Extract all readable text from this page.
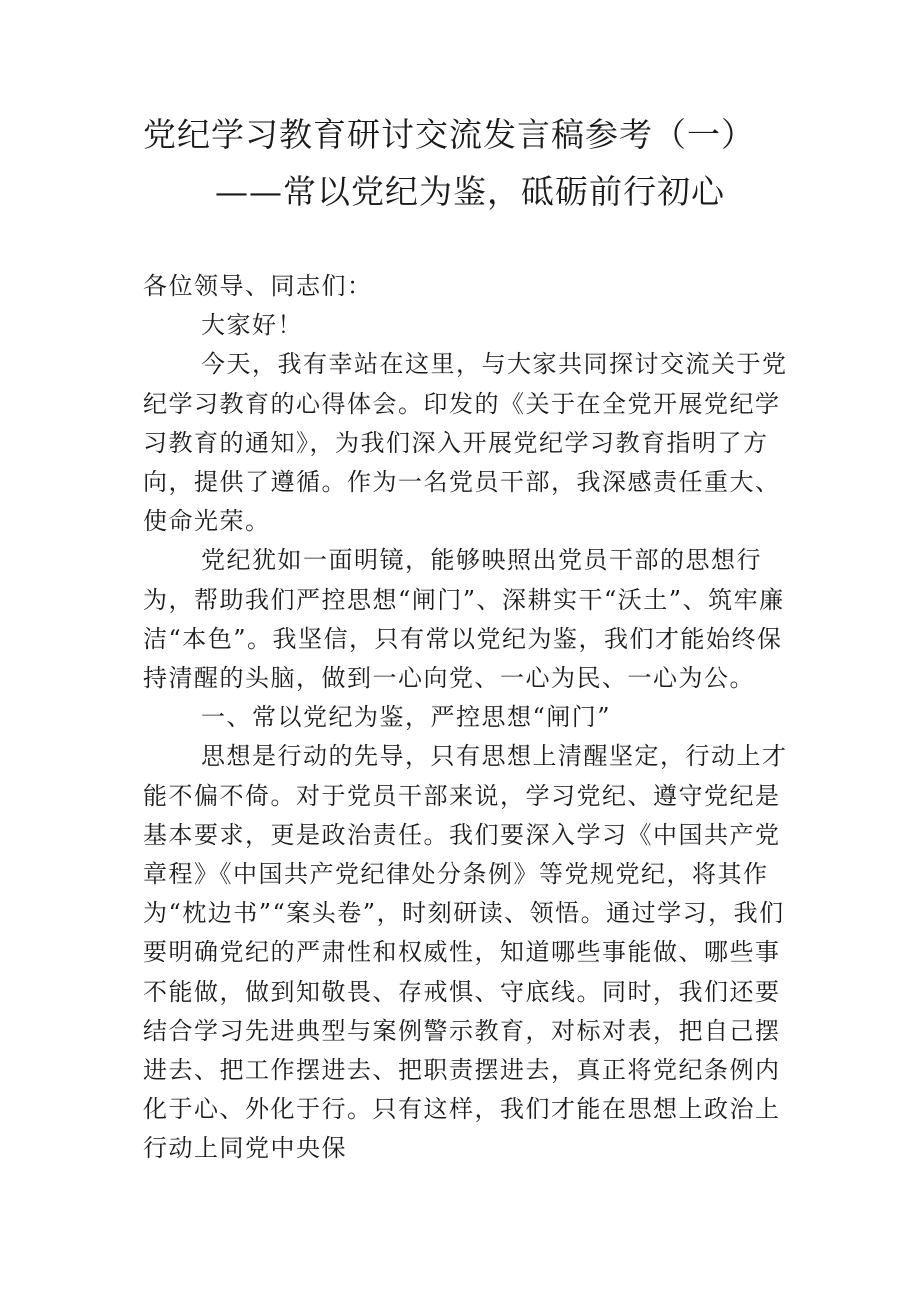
党纪学习教育研讨交流发言稿参考（一）
——常以党纪为鉴，砥砺前行初心

各位领导、同志们：

大家好！

今天，我有幸站在这里，与大家共同探讨交流关于党纪学习教育的心得体会。印发的《关于在全党开展党纪学习教育的通知》，为我们深入开展党纪学习教育指明了方向，提供了遵循。作为一名党员干部，我深感责任重大、使命光荣。

党纪犹如一面明镜，能够映照出党员干部的思想行为，帮助我们严控思想“闸门”、深耕实干“沃土”、筑牢廉洁“本色”。我坚信，只有常以党纪为鉴，我们才能始终保持清醒的头脑，做到一心向党、一心为民、一心为公。

一、常以党纪为鉴，严控思想“闸门”

思想是行动的先导，只有思想上清醒坚定，行动上才能不偏不倚。对于党员干部来说，学习党纪、遵守党纪是基本要求，更是政治责任。我们要深入学习《中国共产党章程》《中国共产党纪律处分条例》等党规党纪，将其作为“枕边书”“案头卷”，时刻研读、领悟。通过学习，我们要明确党纪的严肃性和权威性，知道哪些事能做、哪些事不能做，做到知敬畏、存戒惧、守底线。同时，我们还要结合学习先进典型与案例警示教育，对标对表，把自己摆进去、把工作摆进去、把职责摆进去，真正将党纪条例内化于心、外化于行。只有这样，我们才能在思想上政治上行动上同党中央保
